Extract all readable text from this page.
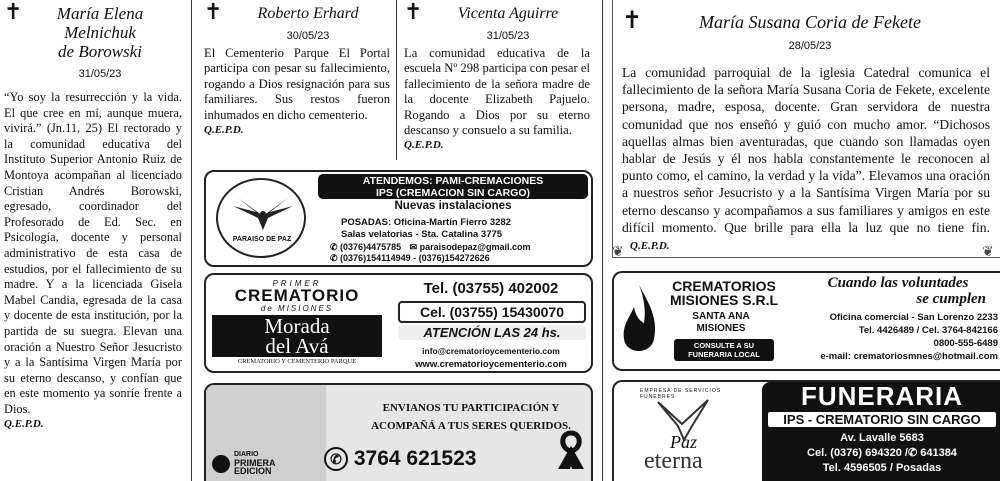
✝	María Elena
Melnichuk
de Borowski
31/05/23
“Yo soy la resurrección y la vida. El que cree en mí, aunque muera, vivirá.” (Jn.11, 25) El rectorado y la comunidad educativa del Instituto Superior Antonio Ruiz de Montoya acompañan al licenciado Cristian Andrés Borowski, egresado, coordinador del Profesorado de Ed. Sec. en Psicología, docente y personal administrativo de esta casa de estudios, por el fallecimiento de su madre. Y a la licenciada Gisela Mabel Candia, egresada de la casa y docente de esta institución, por la partida de su suegra. Elevan una oración a Nuestro Señor Jesucristo y a la Santísima Virgen María por su eterno descanso, y confían que en este momento ya sonríe frente a Dios.
Q.E.P.D.
✝	Roberto Erhard
30/05/23
El Cementerio Parque El Portal participa con pesar su fallecimiento, rogando a Dios resignación para sus familiares. Sus restos fueron inhumados en dicho cementerio.
Q.E.P.D.
✝	Vicenta Aguirre
31/05/23
La comunidad educativa de la escuela Nº 298 participa con pesar el fallecimiento de la señora madre de la docente Elizabeth Pajuelo. Rogando a Dios por su eterno descanso y consuelo a su familia.
Q.E.P.D.
✝	María Susana Coria de Fekete
28/05/23
La comunidad parroquial de la iglesia Catedral comunica el fallecimiento de la señora María Susana Coria de Fekete, excelente persona, madre, esposa, docente. Gran servidora de nuestra comunidad que nos enseñó y guió con mucho amor. “Dichosos aquellas almas bien aventuradas, que cuando son llamadas oyen hablar de Jesús y él nos habla constantemente le reconocen al punto como, el camino, la verdad y la vida”. Elevamos una oración a nuestros señor Jesucristo y a la Santísima Virgen María por su eterno descanso y acompañamos a sus familiares y amigos en este difícil momento. Que brille para ella la luz que no tiene fin. Q.E.P.D.
❦	❦
PARAISO DE PAZ
ATENDEMOS: PAMI-CREMACIONES
IPS (CREMACION SIN CARGO)
Nuevas instalaciones
POSADAS: Oficina-Martín Fierro 3282
Salas velatorias - Sta. Catalina 3775
✆ (0376)4475785 ✉ paraisodepaz@gmail.com
✆ (0376)154114949 - (0376)154272626
PRIMER
CREMATORIO
de MISIONES
Morada
del Avá
CREMATORIO Y CEMENTERIO PARQUE
Tel. (03755) 402002
Cel. (03755) 15430070
ATENCIÓN LAS 24 hs.
info@crematorioycementerio.com
www.crematorioycementerio.com
ENVIANOS TU PARTICIPACIÓN Y
ACOMPAÑÁ A TUS SERES QUERIDOS.
✆ 3764 621523
DIARIO
PRIMERA
EDICION
CREMATORIOS
MISIONES S.R.L
SANTA ANA
MISIONES
CONSULTE A SU
FUNERARIA LOCAL
Cuando las voluntades
se cumplen
Oficina comercial - San Lorenzo 2233
Tel. 4426489 / Cel. 3764-842166
0800-555-6489
e-mail: crematoriosmnes@hotmail.com
EMPRESA DE SERVICIOS FUNEBRES
Paz
eterna
FUNERARIA
IPS - CREMATORIO SIN CARGO
Av. Lavalle 5683
Cel. (0376) 694320 /✆ 641384
Tel. 4596505 / Posadas
